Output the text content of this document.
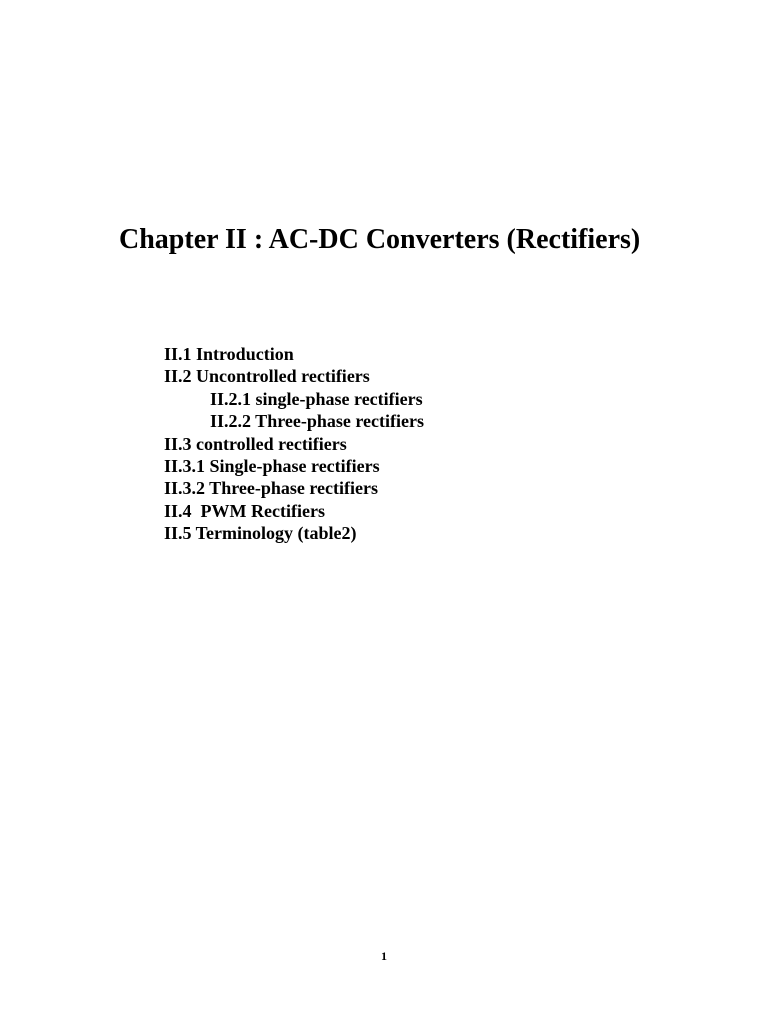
Chapter II : AC-DC Converters (Rectifiers)
II.1 Introduction
II.2 Uncontrolled rectifiers
II.2.1 single-phase rectifiers
II.2.2 Three-phase rectifiers
II.3 controlled rectifiers
II.3.1 Single-phase rectifiers
II.3.2 Three-phase rectifiers
II.4  PWM Rectifiers
II.5 Terminology (table2)
1
